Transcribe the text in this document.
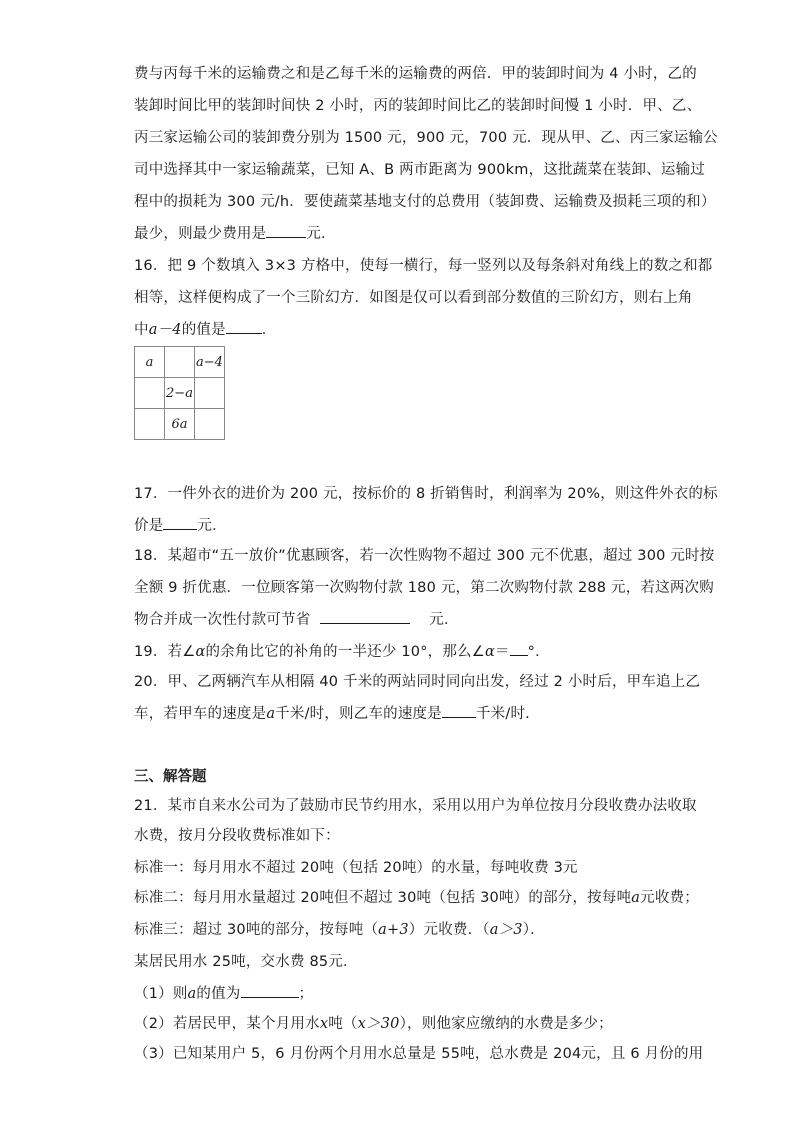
费与丙每千米的运输费之和是乙每千米的运输费的两倍．甲的装卸时间为 4 小时，乙的
装卸时间比甲的装卸时间快 2 小时，丙的装卸时间比乙的装卸时间慢 1 小时．甲、乙、
丙三家运输公司的装卸费分别为 1500 元，900 元，700 元．现从甲、乙、丙三家运输公
司中选择其中一家运输蔬菜，已知 A、B 两市距离为 900km，这批蔬菜在装卸、运输过
程中的损耗为 300 元/h．要使蔬菜基地支付的总费用（装卸费、运输费及损耗三项的和）
最少，则最少费用是	元．
16．把 9 个数填入 3×3 方格中，使每一横行，每一竖列以及每条斜对角线上的数之和都
相等，这样便构成了一个三阶幻方．如图是仅可以看到部分数值的三阶幻方，则右上角
中a－4的值是 ．
a		a−4
	2−a	
	6a	
17．一件外衣的进价为 200 元，按标价的 8 折销售时，利润率为 20%，则这件外衣的标
价是 元．
18．某超市“五一放价”优惠顾客，若一次性购物不超过 300 元不优惠，超过 300 元时按
全额 9 折优惠．一位顾客第一次购物付款 180 元，第二次购物付款 288 元，若这两次购
物合并成一次性付款可节省	元．
19．若∠α的余角比它的补角的一半还少 10°，那么∠α＝ °．
20．甲、乙两辆汽车从相隔 40 千米的两站同时同向出发，经过 2 小时后，甲车追上乙
车，若甲车的速度是a千米/时，则乙车的速度是 千米/时.
三、解答题
21．某市自来水公司为了鼓励市民节约用水，采用以用户为单位按月分段收费办法收取
水费，按月分段收费标准如下：
标准一：每月用水不超过 20吨（包括 20吨）的水量，每吨收费 3元
标准二：每月用水量超过 20吨但不超过 30吨（包括 30吨）的部分，按每吨a元收费；
标准三：超过 30吨的部分，按每吨（a+3）元收费．（a＞3）．
某居民用水 25吨，交水费 85元．
（1）则a的值为	；
（2）若居民甲，某个月用水x吨（x＞30），则他家应缴纳的水费是多少；
（3）已知某用户 5，6 月份两个月用水总量是 55吨，总水费是 204元，且 6 月份的用
